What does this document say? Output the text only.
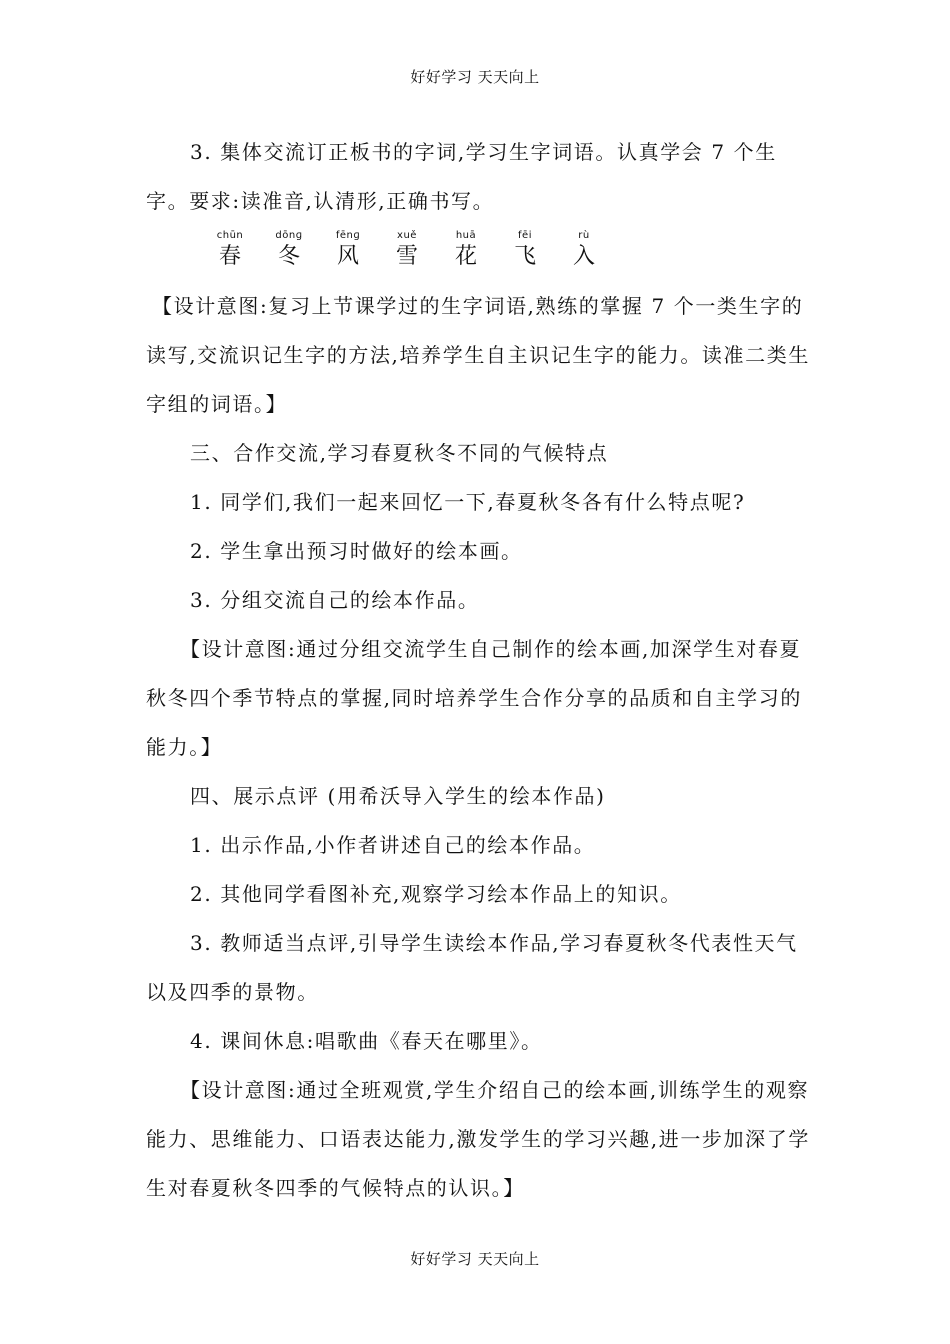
好好学习 天天向上

3. 集体交流订正板书的字词,学习生字词语。认真学会 7 个生字。要求:读准音,认清形,正确书写。

chūn
春
dōnɡ
冬
fēnɡ
风
xuě
雪
huā
花
fēi
飞
rù
入

【设计意图:复习上节课学过的生字词语,熟练的掌握 7 个一类生字的读写,交流识记生字的方法,培养学生自主识记生字的能力。读准二类生字组的词语。】

三、合作交流,学习春夏秋冬不同的气候特点

1. 同学们,我们一起来回忆一下,春夏秋冬各有什么特点呢?

2. 学生拿出预习时做好的绘本画。

3. 分组交流自己的绘本作品。

【设计意图:通过分组交流学生自己制作的绘本画,加深学生对春夏秋冬四个季节特点的掌握,同时培养学生合作分享的品质和自主学习的能力。】

四、展示点评 (用希沃导入学生的绘本作品)

1. 出示作品,小作者讲述自己的绘本作品。

2. 其他同学看图补充,观察学习绘本作品上的知识。

3. 教师适当点评,引导学生读绘本作品,学习春夏秋冬代表性天气以及四季的景物。

4. 课间休息:唱歌曲《春天在哪里》。

【设计意图:通过全班观赏,学生介绍自己的绘本画,训练学生的观察能力、思维能力、口语表达能力,激发学生的学习兴趣,进一步加深了学生对春夏秋冬四季的气候特点的认识。】

好好学习 天天向上
